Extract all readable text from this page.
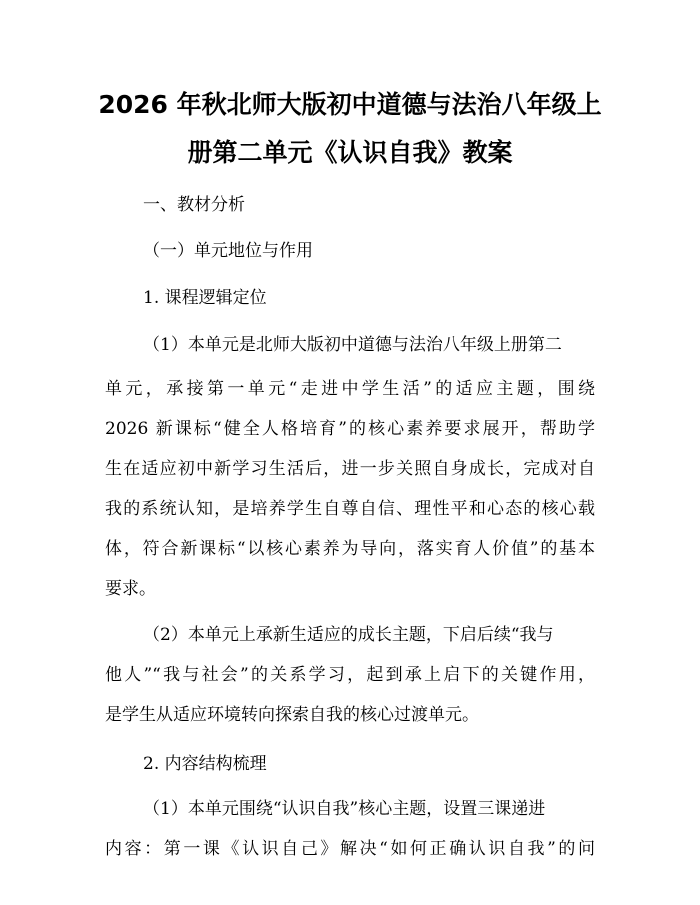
2026 年秋北师大版初中道德与法治八年级上
册第二单元《认识自我》教案
一、教材分析
（一）单元地位与作用
1. 课程逻辑定位
（1）本单元是北师大版初中道德与法治八年级上册第二
单元，承接第一单元“走进中学生活”的适应主题，围绕
2026 新课标“健全人格培育”的核心素养要求展开，帮助学
生在适应初中新学习生活后，进一步关照自身成长，完成对自
我的系统认知，是培养学生自尊自信、理性平和心态的核心载
体，符合新课标“以核心素养为导向，落实育人价值”的基本
要求。
（2）本单元上承新生适应的成长主题，下启后续“我与
他人”“我与社会”的关系学习，起到承上启下的关键作用，
是学生从适应环境转向探索自我的核心过渡单元。
2. 内容结构梳理
（1）本单元围绕“认识自我”核心主题，设置三课递进
内容：第一课《认识自己》解决“如何正确认识自我”的问
